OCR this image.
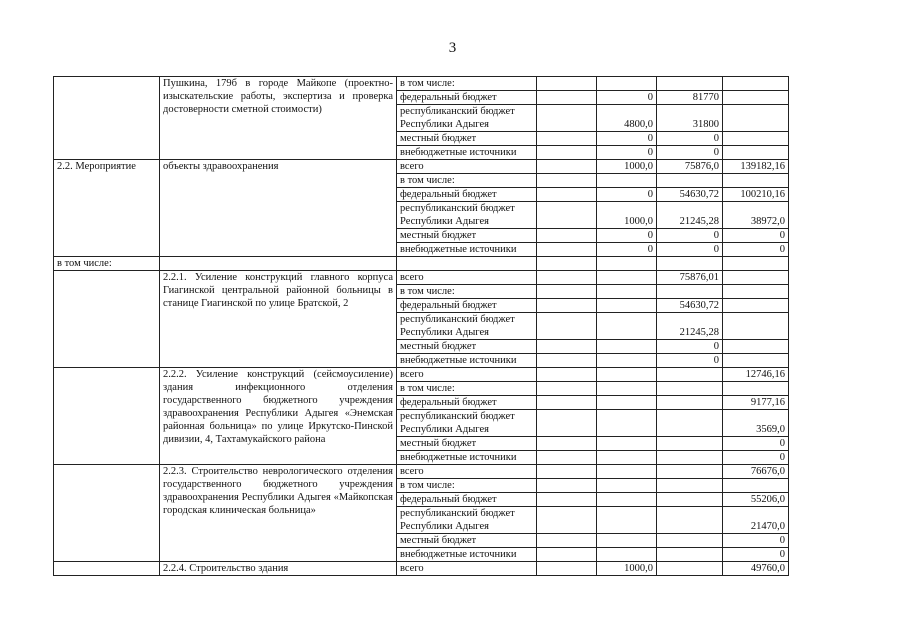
3
	Пушкина, 179б в городе Майкопе (проектно-изыскательские работы, экспертиза и проверка достоверности сметной стоимости)	в том числе:				
		федеральный бюджет		0	81770	
		республиканский бюджет Республики Адыгея		4800,0	31800	
		местный бюджет		0	0	
		внебюджетные источники		0	0	
2.2. Мероприятие	объекты здравоохранения	всего		1000,0	75876,0	139182,16
		в том числе:				
		федеральный бюджет		0	54630,72	100210,16
		республиканский бюджет Республики Адыгея		1000,0	21245,28	38972,0
		местный бюджет		0	0	0
		внебюджетные источники		0	0	0
в том числе:						
	2.2.1. Усиление конструкций главного корпуса Гиагинской центральной районной больницы в станице Гиагинской по улице Братской, 2	всего			75876,01	
		в том числе:				
		федеральный бюджет			54630,72	
		республиканский бюджет Республики Адыгея			21245,28	
		местный бюджет			0	
		внебюджетные источники			0	
	2.2.2. Усиление конструкций (сейсмоусиление) здания инфекционного отделения государственного бюджетного учреждения здравоохранения Республики Адыгея «Энемская районная больница» по улице Иркутско-Пинской дивизии, 4, Тахтамукайского района	всего				12746,16
		в том числе:				
		федеральный бюджет				9177,16
		республиканский бюджет Республики Адыгея				3569,0
		местный бюджет				0
		внебюджетные источники				0
	2.2.3. Строительство неврологического отделения государственного бюджетного учреждения здравоохранения Республики Адыгея «Майкопская городская клиническая больница»	всего				76676,0
		в том числе:				
		федеральный бюджет				55206,0
		республиканский бюджет Республики Адыгея				21470,0
		местный бюджет				0
		внебюджетные источники				0
	2.2.4. Строительство здания	всего		1000,0		49760,0
